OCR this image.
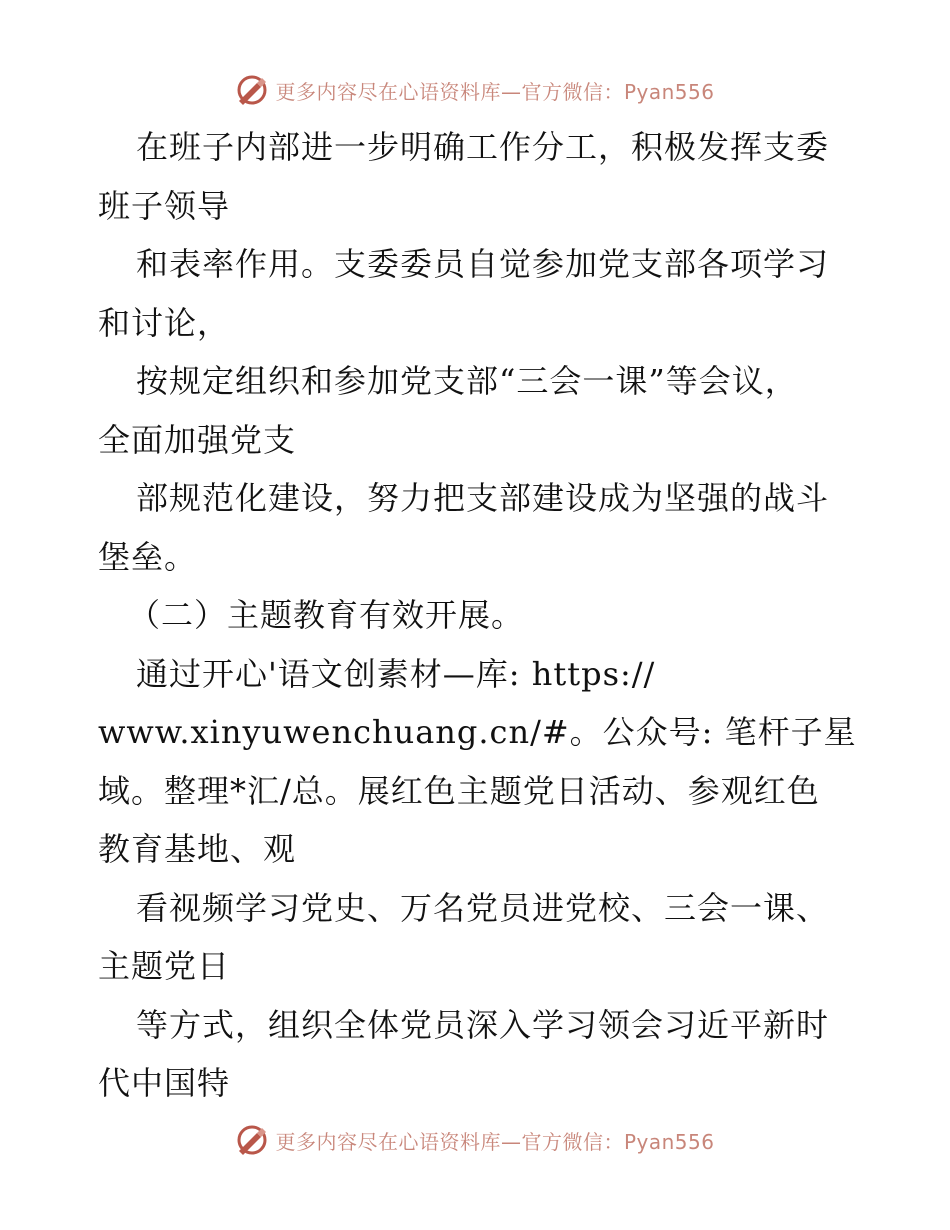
更多内容尽在心语资料库—官方微信：Pyan556
在班子内部进一步明确工作分工，积极发挥支委
班子领导
和表率作用。支委委员自觉参加党支部各项学习
和讨论，
按规定组织和参加党支部“三会一课”等会议，
全面加强党支
部规范化建设，努力把支部建设成为坚强的战斗
堡垒。
（二）主题教育有效开展。
通过开心'语文创素材—库: https://
www.xinyuwenchuang.cn/#。公众号: 笔杆子星
域。整理*汇/总。展红色主题党日活动、参观红色
教育基地、观
看视频学习党史、万名党员进党校、三会一课、
主题党日
等方式，组织全体党员深入学习领会习近平新时
代中国特
更多内容尽在心语资料库—官方微信：Pyan556
